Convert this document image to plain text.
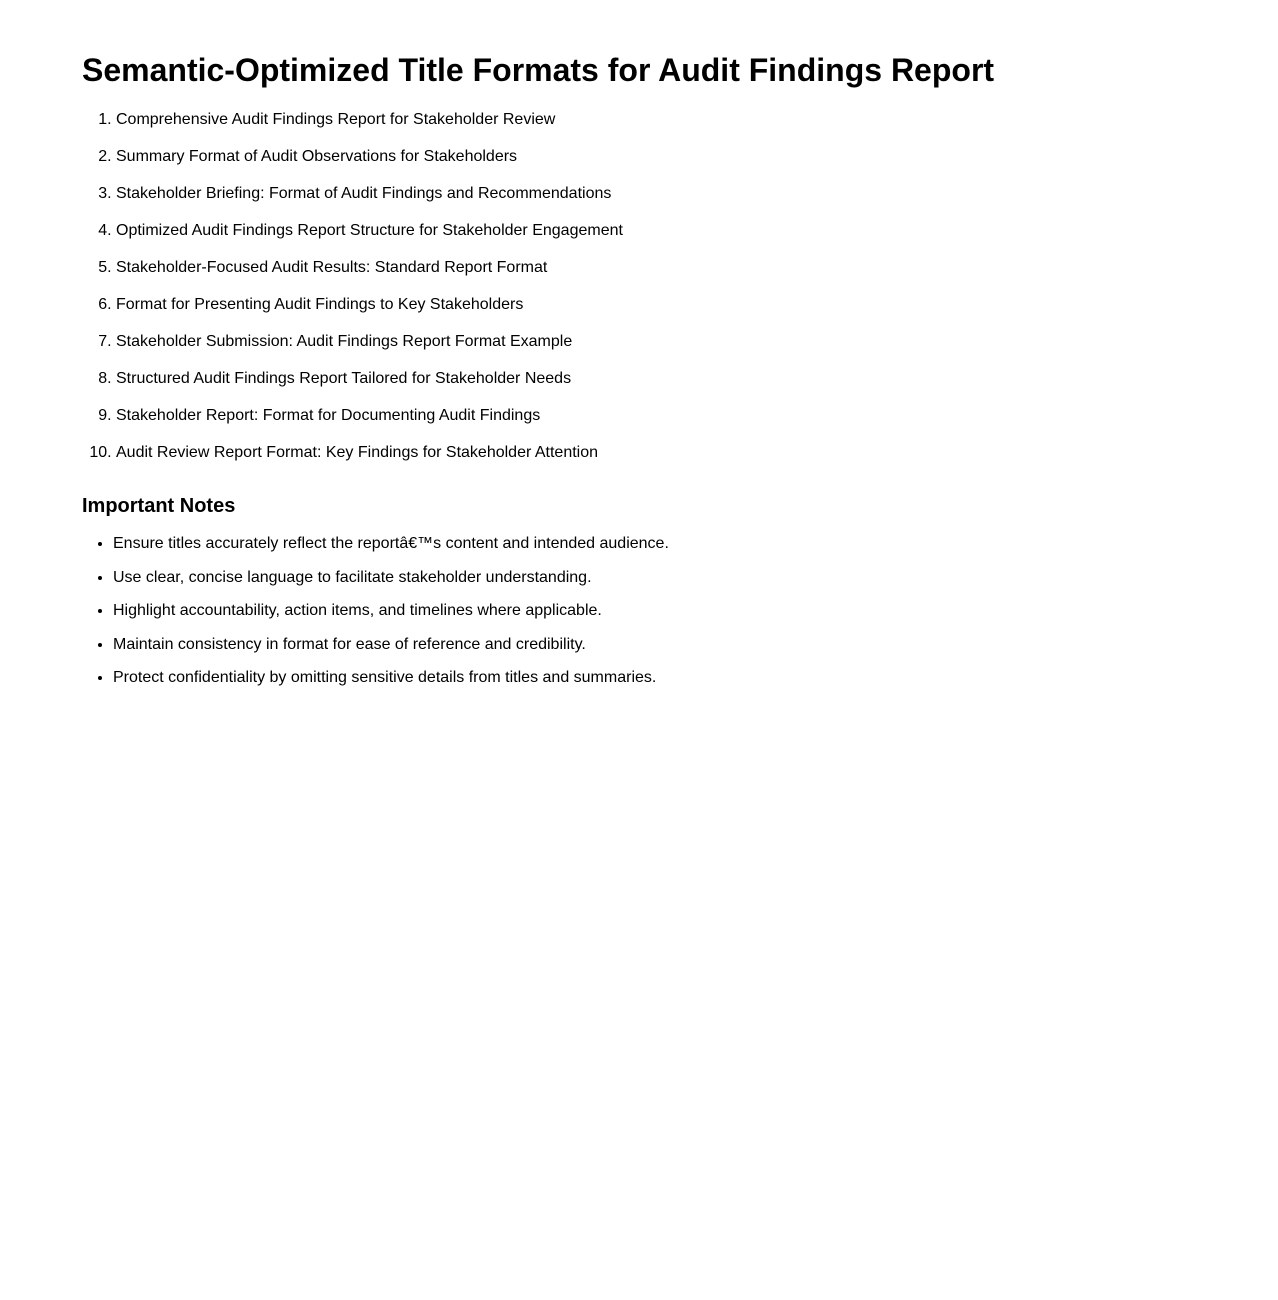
Semantic-Optimized Title Formats for Audit Findings Report
1. Comprehensive Audit Findings Report for Stakeholder Review
2. Summary Format of Audit Observations for Stakeholders
3. Stakeholder Briefing: Format of Audit Findings and Recommendations
4. Optimized Audit Findings Report Structure for Stakeholder Engagement
5. Stakeholder-Focused Audit Results: Standard Report Format
6. Format for Presenting Audit Findings to Key Stakeholders
7. Stakeholder Submission: Audit Findings Report Format Example
8. Structured Audit Findings Report Tailored for Stakeholder Needs
9. Stakeholder Report: Format for Documenting Audit Findings
10. Audit Review Report Format: Key Findings for Stakeholder Attention
Important Notes
• Ensure titles accurately reflect the reportâ€™s content and intended audience.
• Use clear, concise language to facilitate stakeholder understanding.
• Highlight accountability, action items, and timelines where applicable.
• Maintain consistency in format for ease of reference and credibility.
• Protect confidentiality by omitting sensitive details from titles and summaries.
